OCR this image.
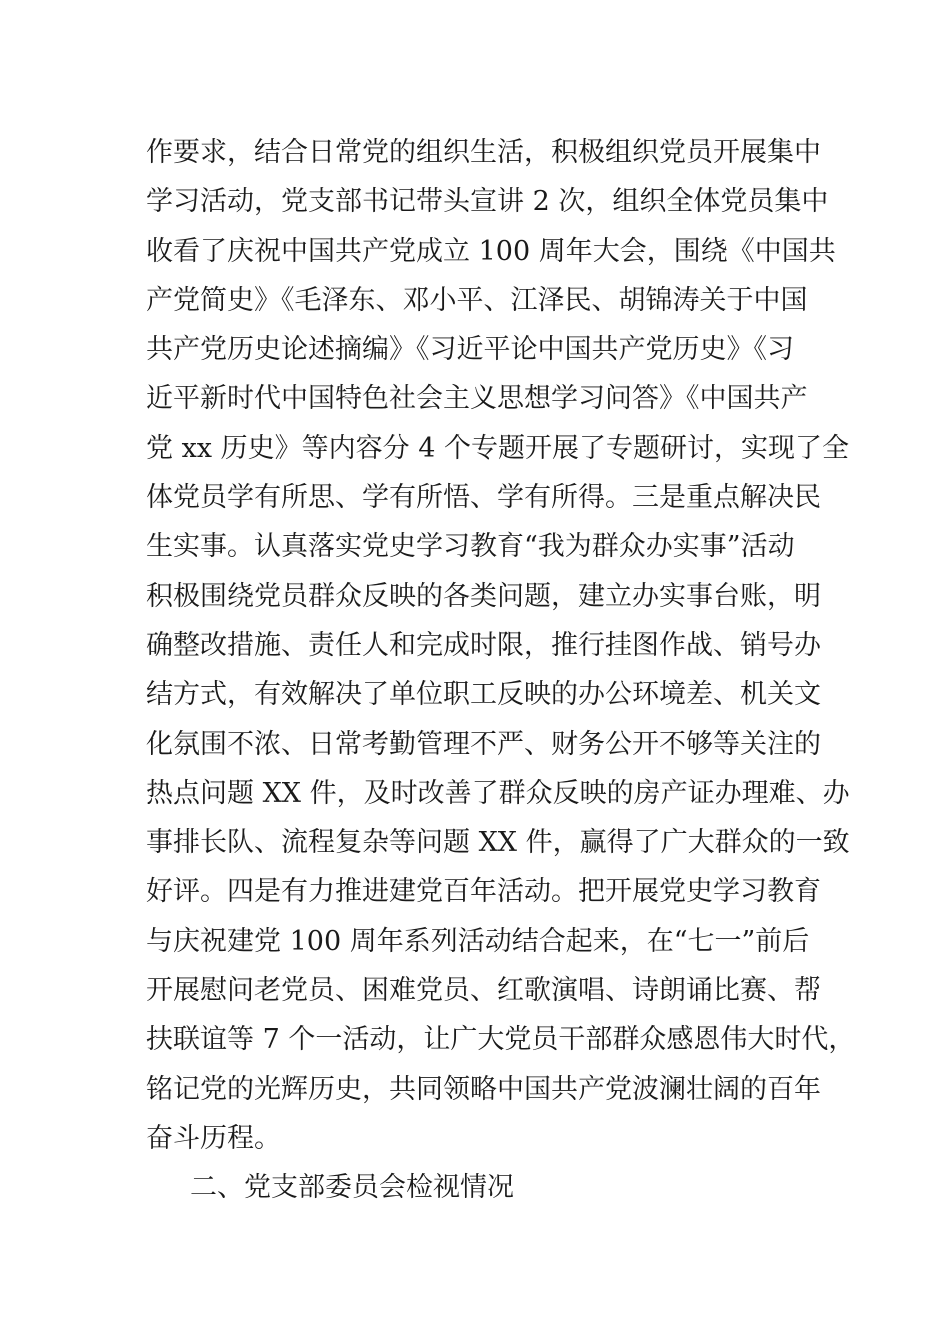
作要求，结合日常党的组织生活，积极组织党员开展集中
学习活动，党支部书记带头宣讲 2 次，组织全体党员集中
收看了庆祝中国共产党成立 100 周年大会，围绕《中国共
产党简史》《毛泽东、邓小平、江泽民、胡锦涛关于中国
共产党历史论述摘编》《习近平论中国共产党历史》《习
近平新时代中国特色社会主义思想学习问答》《中国共产
党 xx 历史》等内容分 4 个专题开展了专题研讨，实现了全
体党员学有所思、学有所悟、学有所得。三是重点解决民
生实事。认真落实党史学习教育“我为群众办实事”活动
积极围绕党员群众反映的各类问题，建立办实事台账，明
确整改措施、责任人和完成时限，推行挂图作战、销号办
结方式，有效解决了单位职工反映的办公环境差、机关文
化氛围不浓、日常考勤管理不严、财务公开不够等关注的
热点问题 XX 件，及时改善了群众反映的房产证办理难、办
事排长队、流程复杂等问题 XX 件，赢得了广大群众的一致
好评。四是有力推进建党百年活动。把开展党史学习教育
与庆祝建党 100 周年系列活动结合起来，在“七一”前后
开展慰问老党员、困难党员、红歌演唱、诗朗诵比赛、帮
扶联谊等 7 个一活动，让广大党员干部群众感恩伟大时代，
铭记党的光辉历史，共同领略中国共产党波澜壮阔的百年
奋斗历程。
二、党支部委员会检视情况
